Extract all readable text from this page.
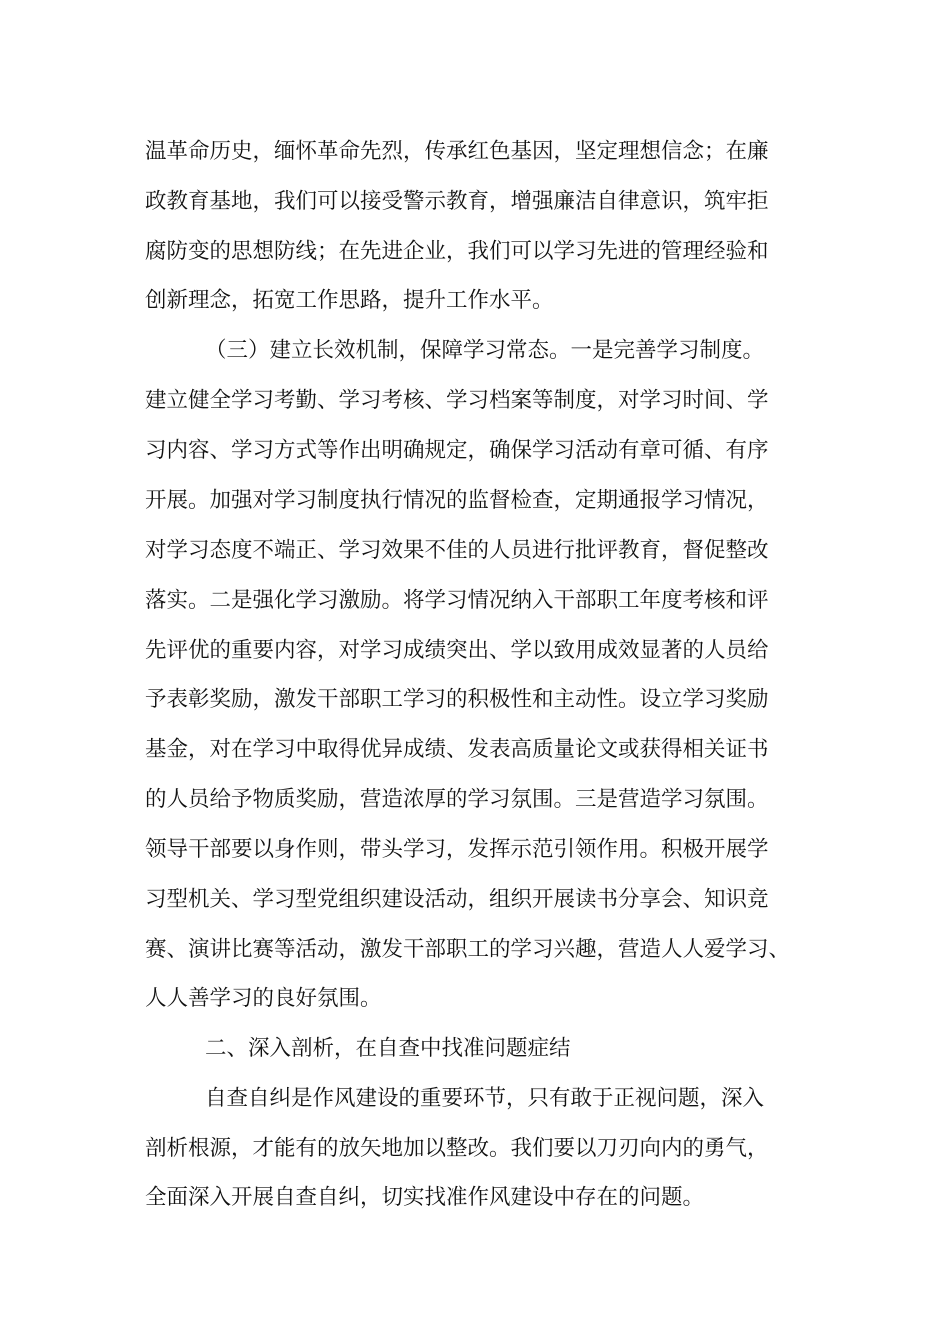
温革命历史，缅怀革命先烈，传承红色基因，坚定理想信念；在廉
政教育基地，我们可以接受警示教育，增强廉洁自律意识，筑牢拒
腐防变的思想防线；在先进企业，我们可以学习先进的管理经验和
创新理念，拓宽工作思路，提升工作水平。
（三）建立长效机制，保障学习常态。一是完善学习制度。
建立健全学习考勤、学习考核、学习档案等制度，对学习时间、学
习内容、学习方式等作出明确规定，确保学习活动有章可循、有序
开展。加强对学习制度执行情况的监督检查，定期通报学习情况，
对学习态度不端正、学习效果不佳的人员进行批评教育，督促整改
落实。二是强化学习激励。将学习情况纳入干部职工年度考核和评
先评优的重要内容，对学习成绩突出、学以致用成效显著的人员给
予表彰奖励，激发干部职工学习的积极性和主动性。设立学习奖励
基金，对在学习中取得优异成绩、发表高质量论文或获得相关证书
的人员给予物质奖励，营造浓厚的学习氛围。三是营造学习氛围。
领导干部要以身作则，带头学习，发挥示范引领作用。积极开展学
习型机关、学习型党组织建设活动，组织开展读书分享会、知识竞
赛、演讲比赛等活动，激发干部职工的学习兴趣，营造人人爱学习、
人人善学习的良好氛围。
二、深入剖析，在自查中找准问题症结
自查自纠是作风建设的重要环节，只有敢于正视问题，深入
剖析根源，才能有的放矢地加以整改。我们要以刀刃向内的勇气，
全面深入开展自查自纠，切实找准作风建设中存在的问题。
